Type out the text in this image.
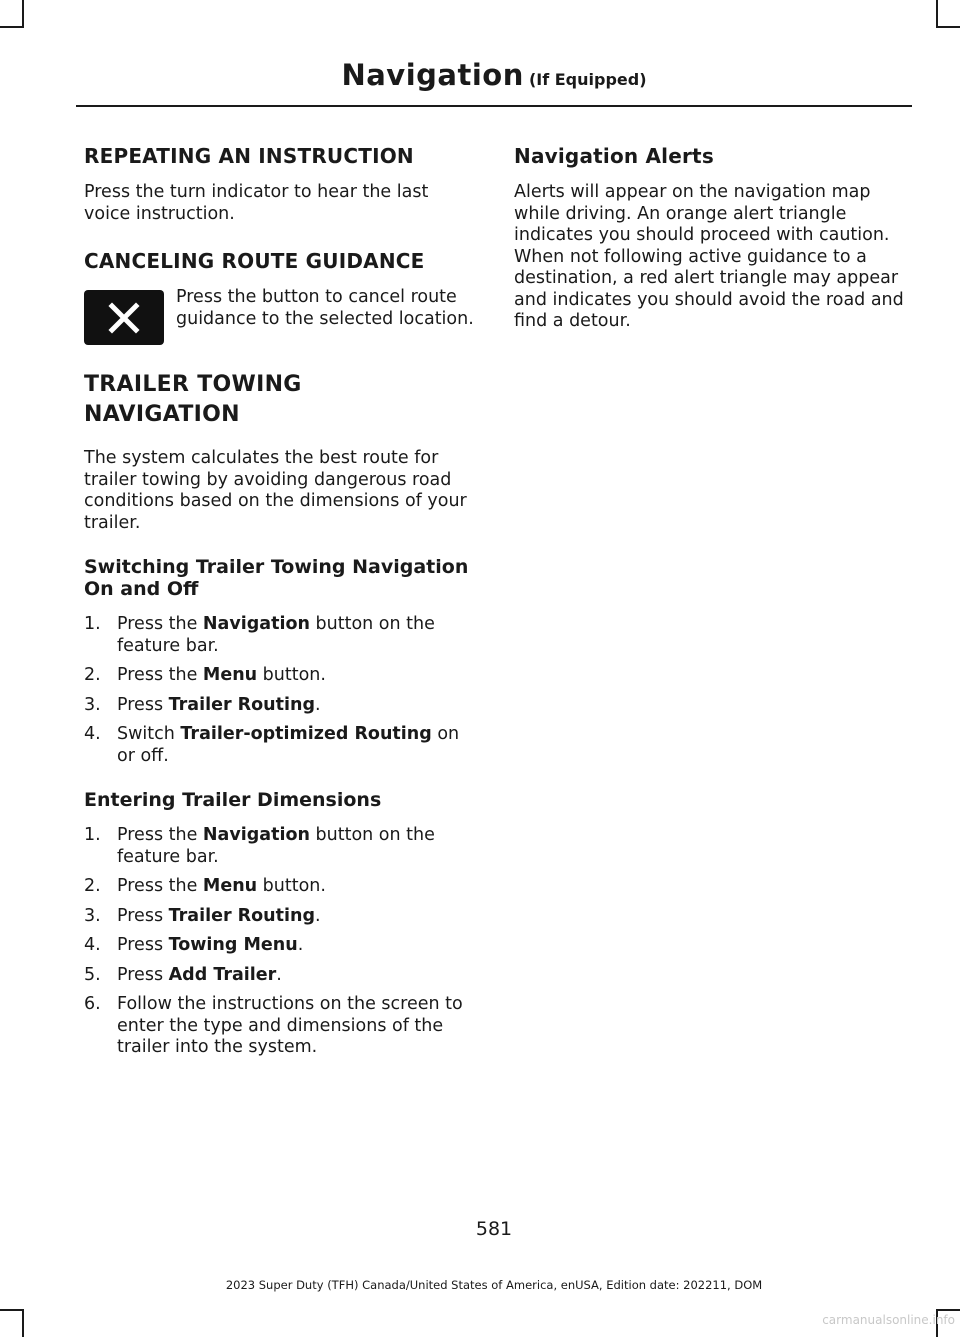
Navigation (If Equipped)
REPEATING AN INSTRUCTION

Press the turn indicator to hear the last voice instruction.

CANCELING ROUTE GUIDANCE

Press the button to cancel route guidance to the selected location.

TRAILER TOWING
NAVIGATION

The system calculates the best route for trailer towing by avoiding dangerous road conditions based on the dimensions of your trailer.

Switching Trailer Towing Navigation On and Off
1. Press the Navigation button on the feature bar.
2. Press the Menu button.
3. Press Trailer Routing.
4. Switch Trailer-optimized Routing on or off.
Entering Trailer Dimensions
1. Press the Navigation button on the feature bar.
2. Press the Menu button.
3. Press Trailer Routing.
4. Press Towing Menu.
5. Press Add Trailer.
6. Follow the instructions on the screen to enter the type and dimensions of the trailer into the system.
Navigation Alerts

Alerts will appear on the navigation map while driving. An orange alert triangle indicates you should proceed with caution. When not following active guidance to a destination, a red alert triangle may appear and indicates you should avoid the road and find a detour.

581
2023 Super Duty (TFH) Canada/United States of America, enUSA, Edition date: 202211, DOM
carmanualsonline.info
